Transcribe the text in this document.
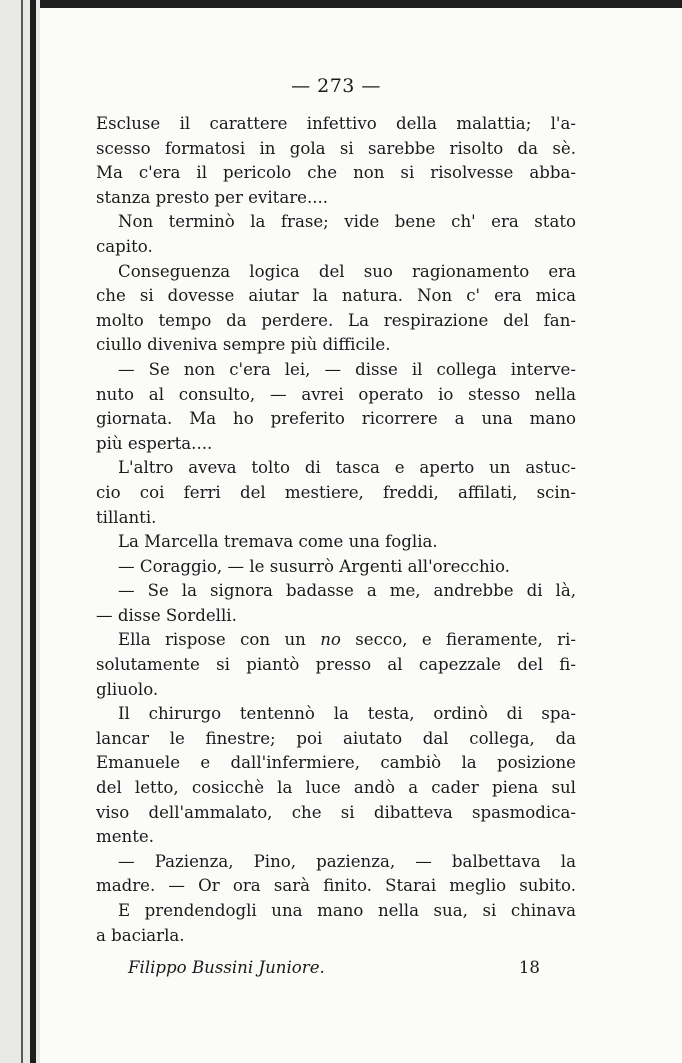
— 273 —
Escluse il carattere infettivo della malattia; l'a-
scesso formatosi in gola si sarebbe risolto da sè.
Ma c'era il pericolo che non si risolvesse abba-
stanza presto per evitare....
Non terminò la frase; vide bene ch' era stato
capito.
Conseguenza logica del suo ragionamento era
che si dovesse aiutar la natura. Non c' era mica
molto tempo da perdere. La respirazione del fan-
ciullo diveniva sempre più difficile.
— Se non c'era lei, — disse il collega interve-
nuto al consulto, — avrei operato io stesso nella
giornata. Ma ho preferito ricorrere a una mano
più esperta....
L'altro aveva tolto di tasca e aperto un astuc-
cio coi ferri del mestiere, freddi, affilati, scin-
tillanti.
La Marcella tremava come una foglia.
— Coraggio, — le susurrò Argenti all'orecchio.
— Se la signora badasse a me, andrebbe di là,
— disse Sordelli.
Ella rispose con un no secco, e fieramente, ri-
solutamente si piantò presso al capezzale del fi-
gliuolo.
Il chirurgo tentennò la testa, ordinò di spa-
lancar le finestre; poi aiutato dal collega, da
Emanuele e dall'infermiere, cambiò la posizione
del letto, cosicchè la luce andò a cader piena sul
viso dell'ammalato, che si dibatteva spasmodica-
mente.
— Pazienza, Pino, pazienza, — balbettava la
madre. — Or ora sarà finito. Starai meglio subito.
E prendendogli una mano nella sua, si chinava
a baciarla.
Filippo Bussini Juniore.	18
